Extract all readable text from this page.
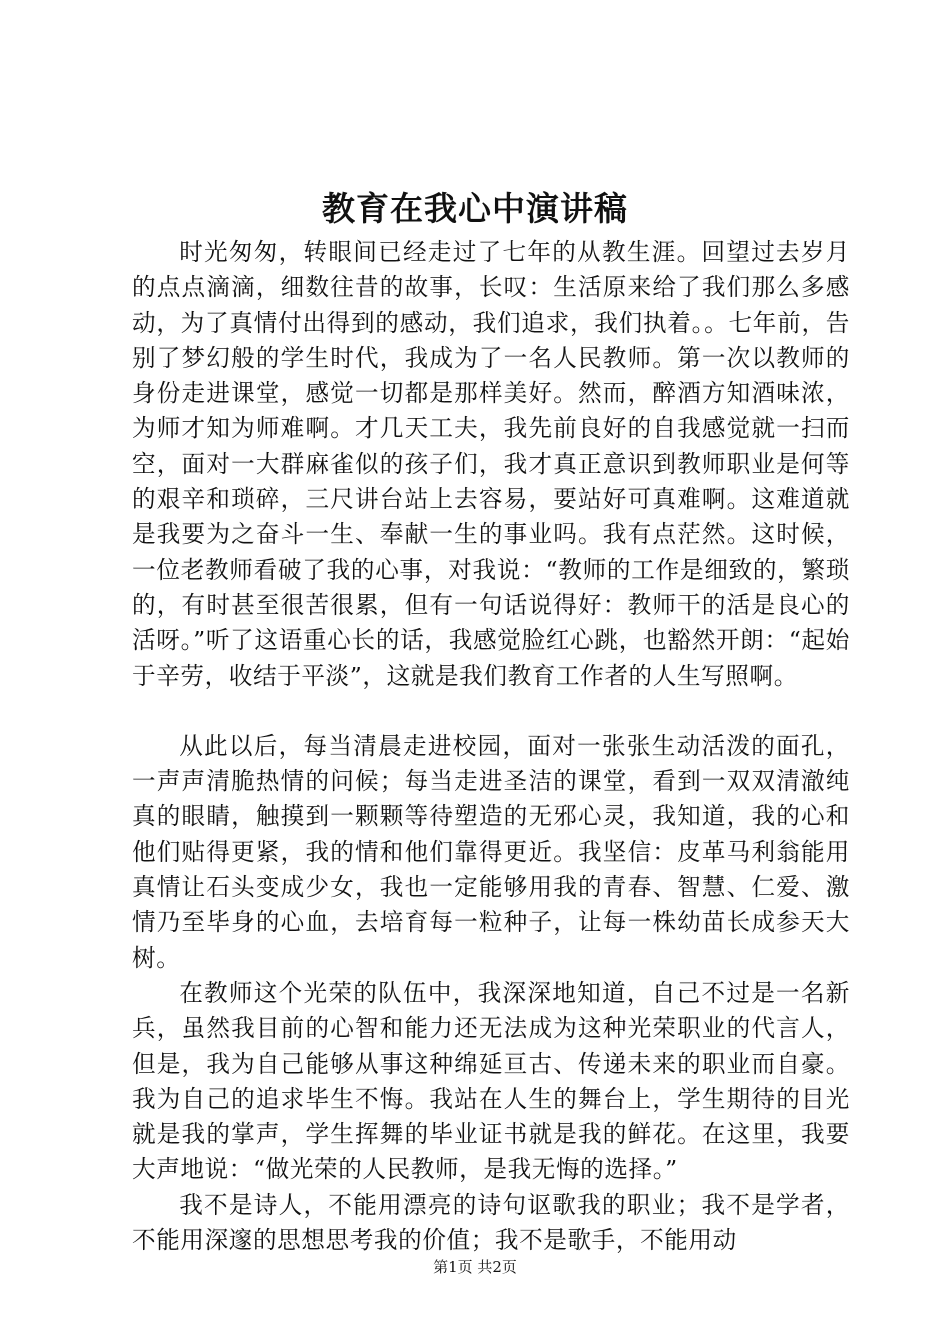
教育在我心中演讲稿

时光匆匆，转眼间已经走过了七年的从教生涯。回望过去岁月的点点滴滴，细数往昔的故事，长叹：生活原来给了我们那么多感动，为了真情付出得到的感动，我们追求，我们执着。。七年前，告别了梦幻般的学生时代，我成为了一名人民教师。第一次以教师的身份走进课堂，感觉一切都是那样美好。然而，醉酒方知酒味浓，为师才知为师难啊。才几天工夫，我先前良好的自我感觉就一扫而空，面对一大群麻雀似的孩子们，我才真正意识到教师职业是何等的艰辛和琐碎，三尺讲台站上去容易，要站好可真难啊。这难道就是我要为之奋斗一生、奉献一生的事业吗。我有点茫然。这时候，一位老教师看破了我的心事，对我说：“教师的工作是细致的，繁琐的，有时甚至很苦很累，但有一句话说得好：教师干的活是良心的活呀。”听了这语重心长的话，我感觉脸红心跳，也豁然开朗：“起始于辛劳，收结于平淡”，这就是我们教育工作者的人生写照啊。

从此以后，每当清晨走进校园，面对一张张生动活泼的面孔，一声声清脆热情的问候；每当走进圣洁的课堂，看到一双双清澈纯真的眼睛，触摸到一颗颗等待塑造的无邪心灵，我知道，我的心和他们贴得更紧，我的情和他们靠得更近。我坚信：皮革马利翁能用真情让石头变成少女，我也一定能够用我的青春、智慧、仁爱、激情乃至毕身的心血，去培育每一粒种子，让每一株幼苗长成参天大树。

在教师这个光荣的队伍中，我深深地知道，自己不过是一名新兵，虽然我目前的心智和能力还无法成为这种光荣职业的代言人，但是，我为自己能够从事这种绵延亘古、传递未来的职业而自豪。我为自己的追求毕生不悔。我站在人生的舞台上，学生期待的目光就是我的掌声，学生挥舞的毕业证书就是我的鲜花。在这里，我要大声地说：“做光荣的人民教师，是我无悔的选择。”

我不是诗人，不能用漂亮的诗句讴歌我的职业；我不是学者，不能用深邃的思想思考我的价值；我不是歌手，不能用动

第1页 共2页
